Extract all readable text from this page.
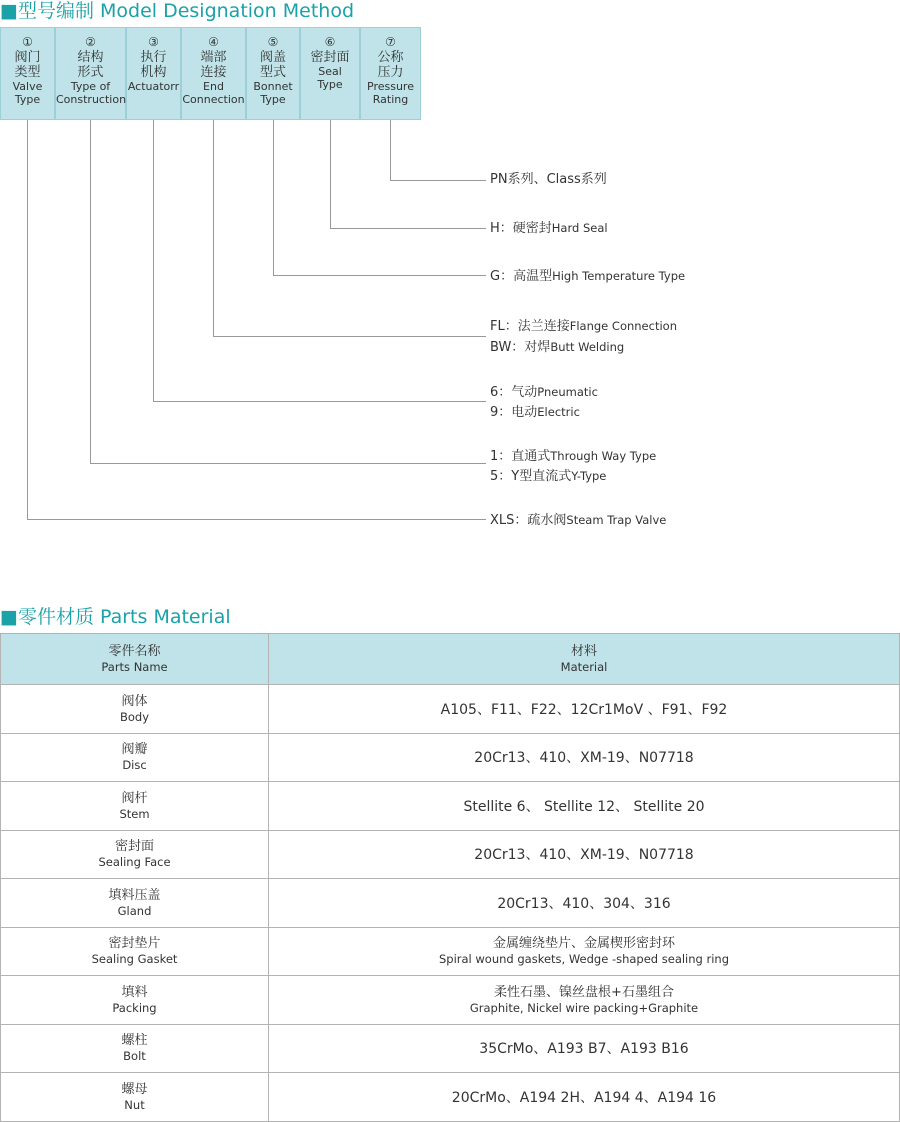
■型号编制 Model Designation Method
①
阀门
类型
Valve
Type
②
结构
形式
Type of
Construction
③
执行
机构
Actuatorr
④
端部
连接
End
Connection
⑤
阀盖
型式
Bonnet
Type
⑥
密封面
Seal
Type
⑦
公称
压力
Pressure
Rating
PN系列、Class系列
H：硬密封Hard Seal
G：高温型High Temperature Type
FL：法兰连接Flange Connection
BW：对焊Butt Welding
6：气动Pneumatic
9：电动Electric
1：直通式Through Way Type
5：Y型直流式Y-Type
XLS：疏水阀Steam Trap Valve
■零件材质 Parts Material
零件名称
Parts Name	材料
Material

阀体
Body	A105、F11、F22、12Cr1MoV 、F91、F92

阀瓣
Disc	20Cr13、410、XM-19、N07718

阀杆
Stem	Stellite 6、 Stellite 12、 Stellite 20

密封面
Sealing Face	20Cr13、410、XM-19、N07718

填料压盖
Gland	20Cr13、410、304、316

密封垫片
Sealing Gasket	金属缠绕垫片、金属楔形密封环
Spiral wound gaskets, Wedge -shaped sealing ring

填料
Packing	柔性石墨、镍丝盘根+石墨组合
Graphite, Nickel wire packing+Graphite

螺柱
Bolt	35CrMo、A193 B7、A193 B16

螺母
Nut	20CrMo、A194 2H、A194 4、A194 16
